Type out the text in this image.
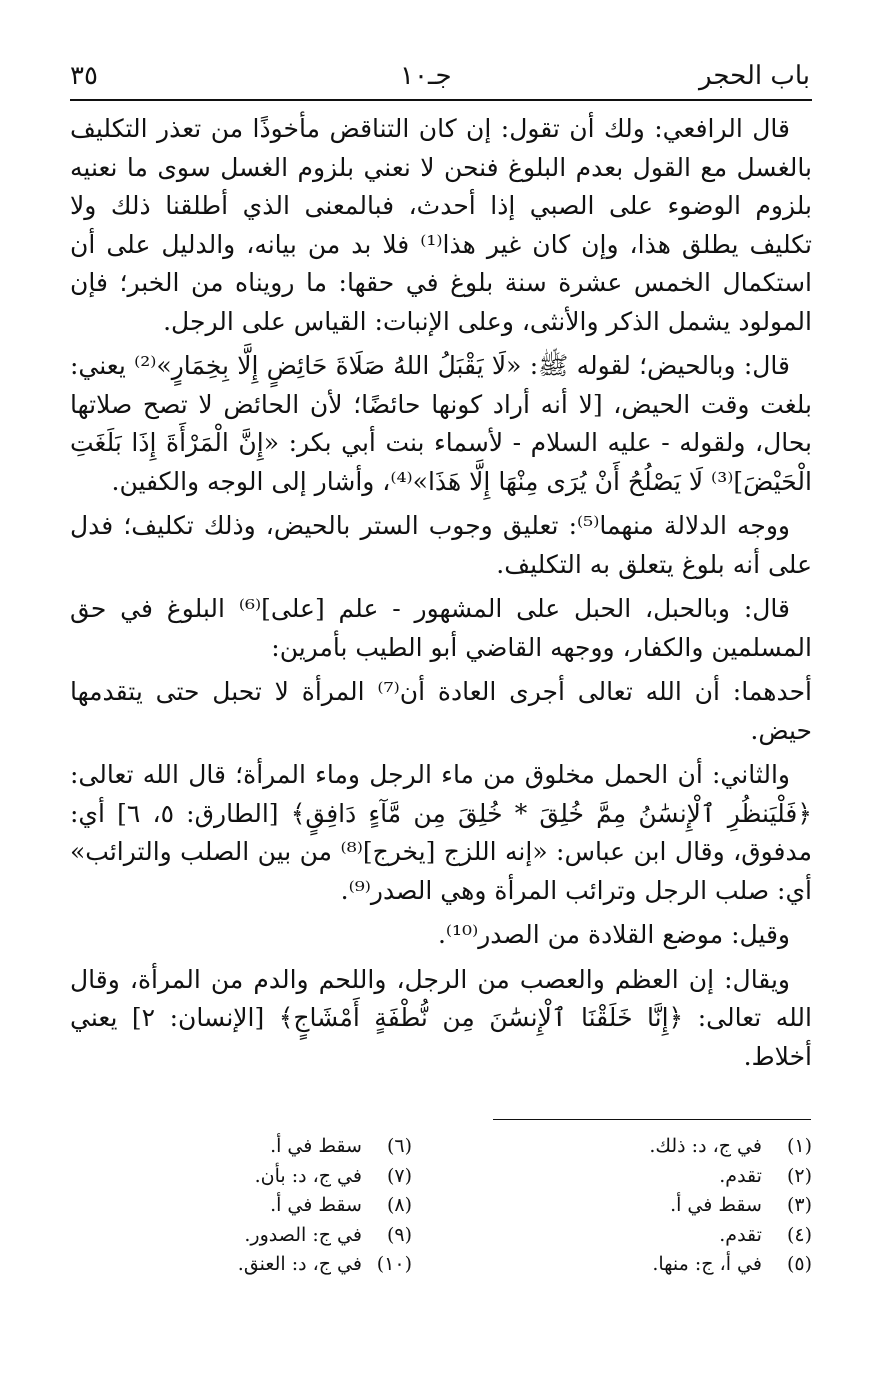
باب الحجر
جـ١٠
٣٥

قال الرافعي: ولك أن تقول: إن كان التناقض مأخوذًا من تعذر التكليف بالغسل مع القول بعدم البلوغ فنحن لا نعني بلزوم الغسل سوى ما نعنيه بلزوم الوضوء على الصبي إذا أحدث، فبالمعنى الذي أطلقنا ذلك ولا تكليف يطلق هذا، وإن كان غير هذا⁽¹⁾ فلا بد من بيانه، والدليل على أن استكمال الخمس عشرة سنة بلوغ في حقها: ما رويناه من الخبر؛ فإن المولود يشمل الذكر والأنثى، وعلى الإنبات: القياس على الرجل.

قال: وبالحيض؛ لقوله ﷺ: «لَا يَقْبَلُ اللهُ صَلَاةَ حَائِضٍ إِلَّا بِخِمَارٍ»⁽²⁾ يعني: بلغت وقت الحيض، [لا أنه أراد كونها حائضًا؛ لأن الحائض لا تصح صلاتها بحال، ولقوله - عليه السلام - لأسماء بنت أبي بكر: «إِنَّ الْمَرْأَةَ إِذَا بَلَغَتِ الْحَيْضَ]⁽³⁾ لَا يَصْلُحُ أَنْ يُرَى مِنْهَا إِلَّا هَذَا»⁽⁴⁾، وأشار إلى الوجه والكفين.

ووجه الدلالة منهما⁽⁵⁾: تعليق وجوب الستر بالحيض، وذلك تكليف؛ فدل على أنه بلوغ يتعلق به التكليف.

قال: وبالحبل، الحبل على المشهور - علم [على]⁽⁶⁾ البلوغ في حق المسلمين والكفار، ووجهه القاضي أبو الطيب بأمرين:

أحدهما: أن الله تعالى أجرى العادة أن⁽⁷⁾ المرأة لا تحبل حتى يتقدمها حيض.

والثاني: أن الحمل مخلوق من ماء الرجل وماء المرأة؛ قال الله تعالى: ﴿فَلْيَنظُرِ ٱلْإِنسَٰنُ مِمَّ خُلِقَ * خُلِقَ مِن مَّآءٍ دَافِقٍ﴾ [الطارق: ٥، ٦] أي: مدفوق، وقال ابن عباس: «إنه اللزج [يخرج]⁽⁸⁾ من بين الصلب والترائب» أي: صلب الرجل وترائب المرأة وهي الصدر⁽⁹⁾.

وقيل: موضع القلادة من الصدر⁽¹⁰⁾.

ويقال: إن العظم والعصب من الرجل، واللحم والدم من المرأة، وقال الله تعالى: ﴿إِنَّا خَلَقْنَا ٱلْإِنسَٰنَ مِن نُّطْفَةٍ أَمْشَاجٍ﴾ [الإنسان: ٢] يعني أخلاط.

(١) في ج، د: ذلك.
(٢) تقدم.
(٣) سقط في أ.
(٤) تقدم.
(٥) في أ، ج: منها.
(٦) سقط في أ.
(٧) في ج، د: بأن.
(٨) سقط في أ.
(٩) في ج: الصدور.
(١٠) في ج، د: العنق.
